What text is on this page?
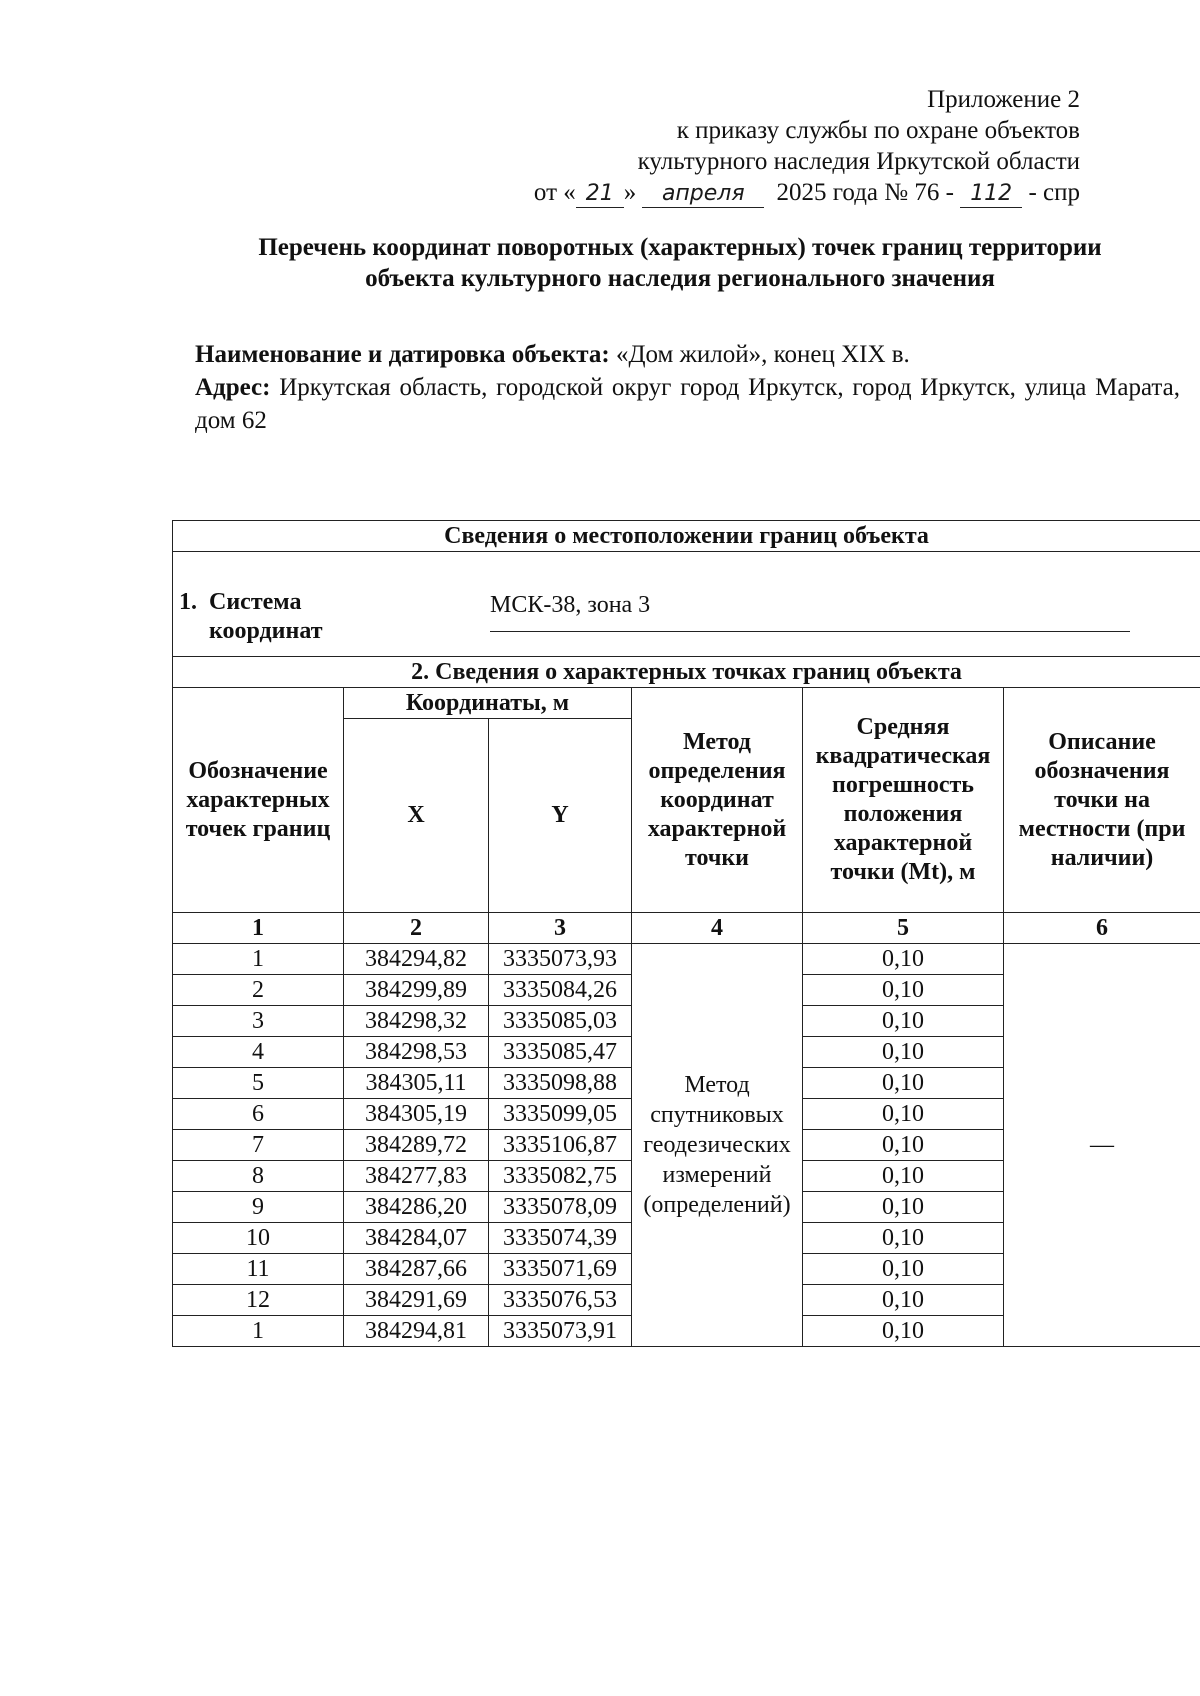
Приложение 2
к приказу службы по охране объектов
культурного наследия Иркутской области
от « 21 » апреля 2025 года № 76 - 112 - спр
Перечень координат поворотных (характерных) точек границ территории
объекта культурного наследия регионального значения
Наименование и датировка объекта: «Дом жилой», конец XIX в.
Адрес: Иркутская область, городской округ город Иркутск, город Иркутск, улица Марата, дом 62
Сведения о местоположении границ объекта					

1. Система
координат
МСК-38, зона 3					

2. Сведения о характерных точках границ объекта					
Обозначение характерных точек границ	Координаты, м		Метод определения координат характерной точки	Средняя квадратическая погрешность положения характерной точки (Mt), м	Описание обозначения точки на местности (при наличии)
	X	Y			
1	2	3	4	5	6
1	384294,82	3335073,93	Метод спутниковых геодезических измерений (определений)	0,10	—
2	384299,89	3335084,26		0,10	
3	384298,32	3335085,03		0,10	
4	384298,53	3335085,47		0,10	
5	384305,11	3335098,88		0,10	
6	384305,19	3335099,05		0,10	
7	384289,72	3335106,87		0,10	
8	384277,83	3335082,75		0,10	
9	384286,20	3335078,09		0,10	
10	384284,07	3335074,39		0,10	
11	384287,66	3335071,69		0,10	
12	384291,69	3335076,53		0,10	
1	384294,81	3335073,91		0,10	
